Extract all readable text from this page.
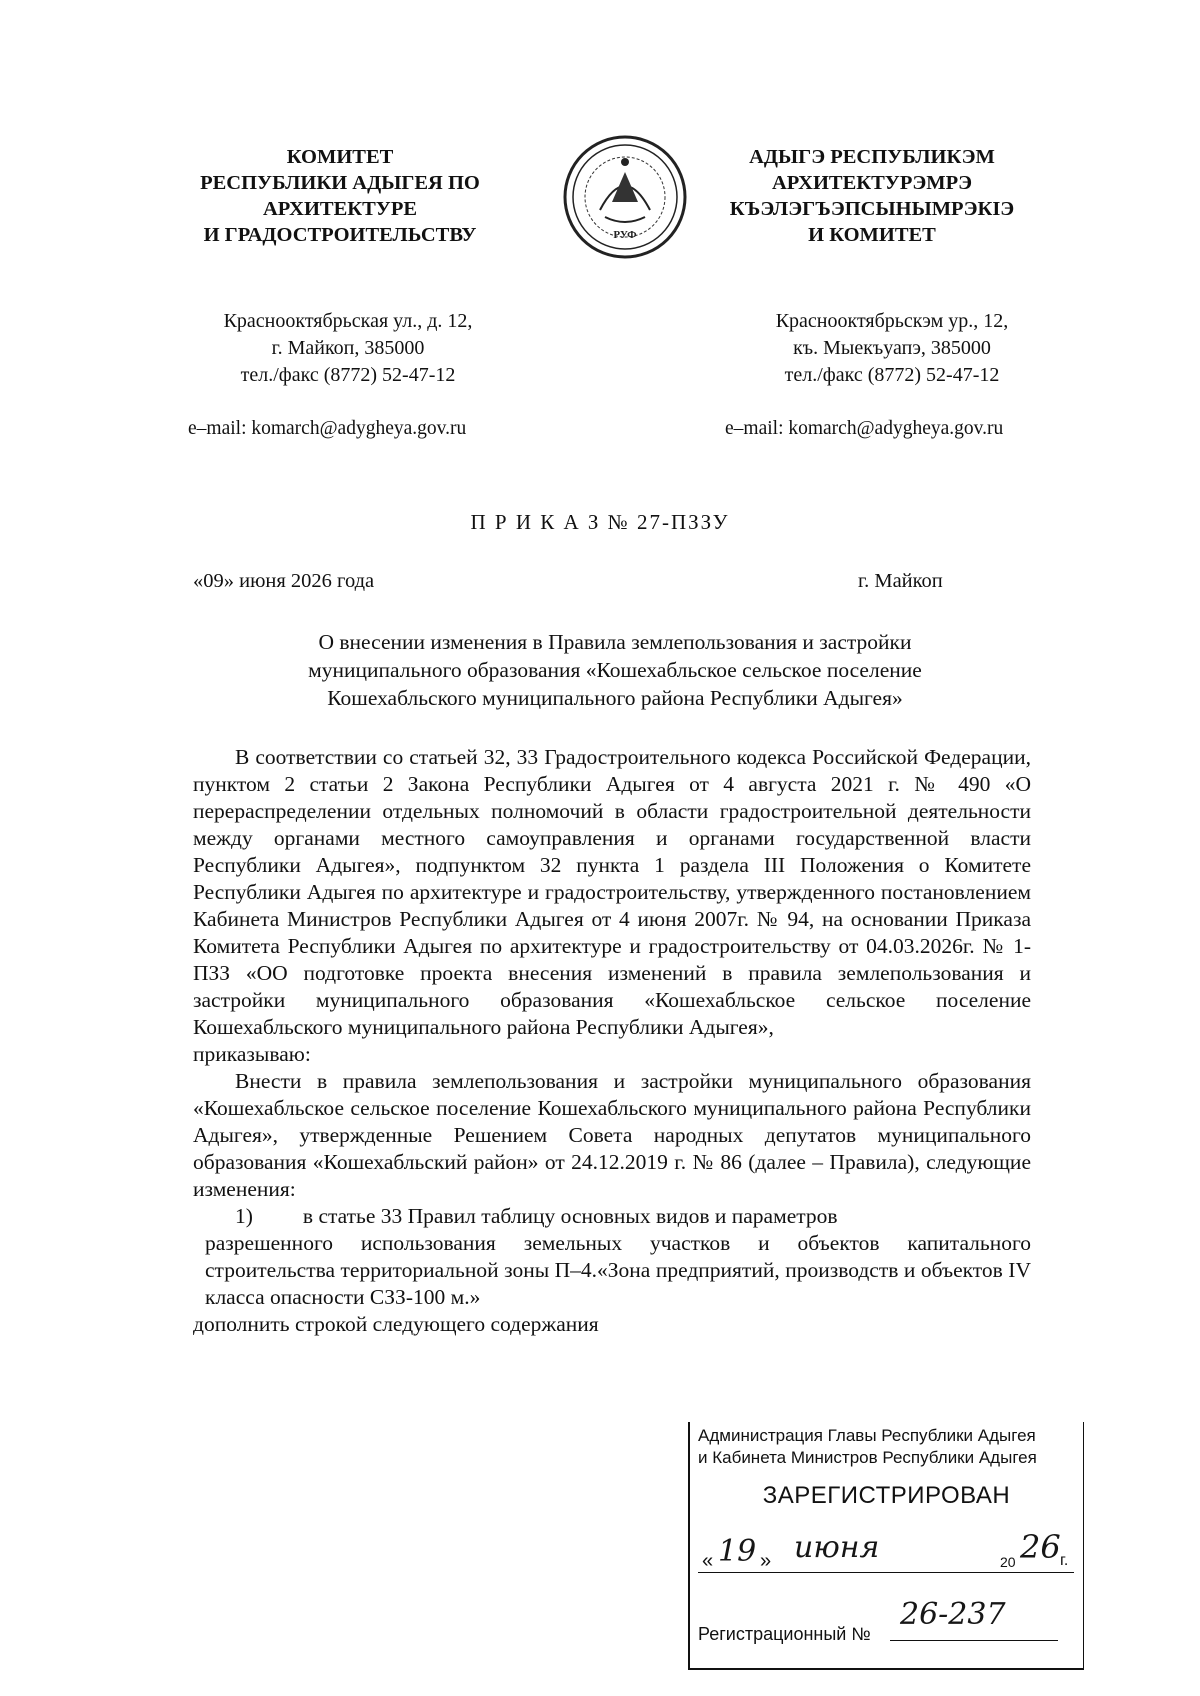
КОМИТЕТ
РЕСПУБЛИКИ АДЫГЕЯ ПО
АРХИТЕКТУРЕ
И ГРАДОСТРОИТЕЛЬСТВУ	РУФ
АДЫГЭ РЕСПУБЛИКЭМ
АРХИТЕКТУРЭМРЭ
КЪЭЛЭГЪЭПСЫНЫМРЭКIЭ
И КОМИТЕТ
Краснооктябрьская ул., д. 12,
г. Майкоп, 385000
тел./факс (8772) 52-47-12
Краснооктябрьскэм ур., 12,
къ. Мыекъуапэ, 385000
тел./факс (8772) 52-47-12
e–mail: komarch@adygheya.gov.ru	e–mail: komarch@adygheya.gov.ru
П Р И К А З № 27-ПЗЗУ
«09» июня 2026 года	г. Майкоп
О внесении изменения в Правила землепользования и застройки
муниципального образования «Кошехабльское сельское поселение
Кошехабльского муниципального района Республики Адыгея»

В соответствии со статьей 32, 33 Градостроительного кодекса Российской Федерации, пунктом 2 статьи 2 Закона Республики Адыгея от 4 августа 2021 г. № 490 «О перераспределении отдельных полномочий в области градостроительной деятельности между органами местного самоуправления и органами государственной власти Республики Адыгея», подпунктом 32 пункта 1 раздела III Положения о Комитете Республики Адыгея по архитектуре и градостроительству, утвержденного постановлением Кабинета Министров Республики Адыгея от 4 июня 2007г. № 94, на основании Приказа Комитета Республики Адыгея по архитектуре и градостроительству от 04.03.2026г. № 1-ПЗЗ «ОО подготовке проекта внесения изменений в правила землепользования и застройки муниципального образования «Кошехабльское сельское поселение Кошехабльского муниципального района Республики Адыгея»,

приказываю:

Внести в правила землепользования и застройки муниципального образования «Кошехабльское сельское поселение Кошехабльского муниципального района Республики Адыгея», утвержденные Решением Совета народных депутатов муниципального образования «Кошехабльский район» от 24.12.2019 г. № 86 (далее – Правила), следующие изменения:

1) в статье 33 Правил таблицу основных видов и параметров

разрешенного использования земельных участков и объектов капитального строительства территориальной зоны П–4.«Зона предприятий, производств и объектов IV класса опасности СЗЗ-100 м.»

дополнить строкой следующего содержания

Администрация Главы Республики Адыгея
и Кабинета Министров Республики Адыгея
ЗАРЕГИСТРИРОВАН
« 19 » июня	20 26 г.
Регистрационный №
26-237
